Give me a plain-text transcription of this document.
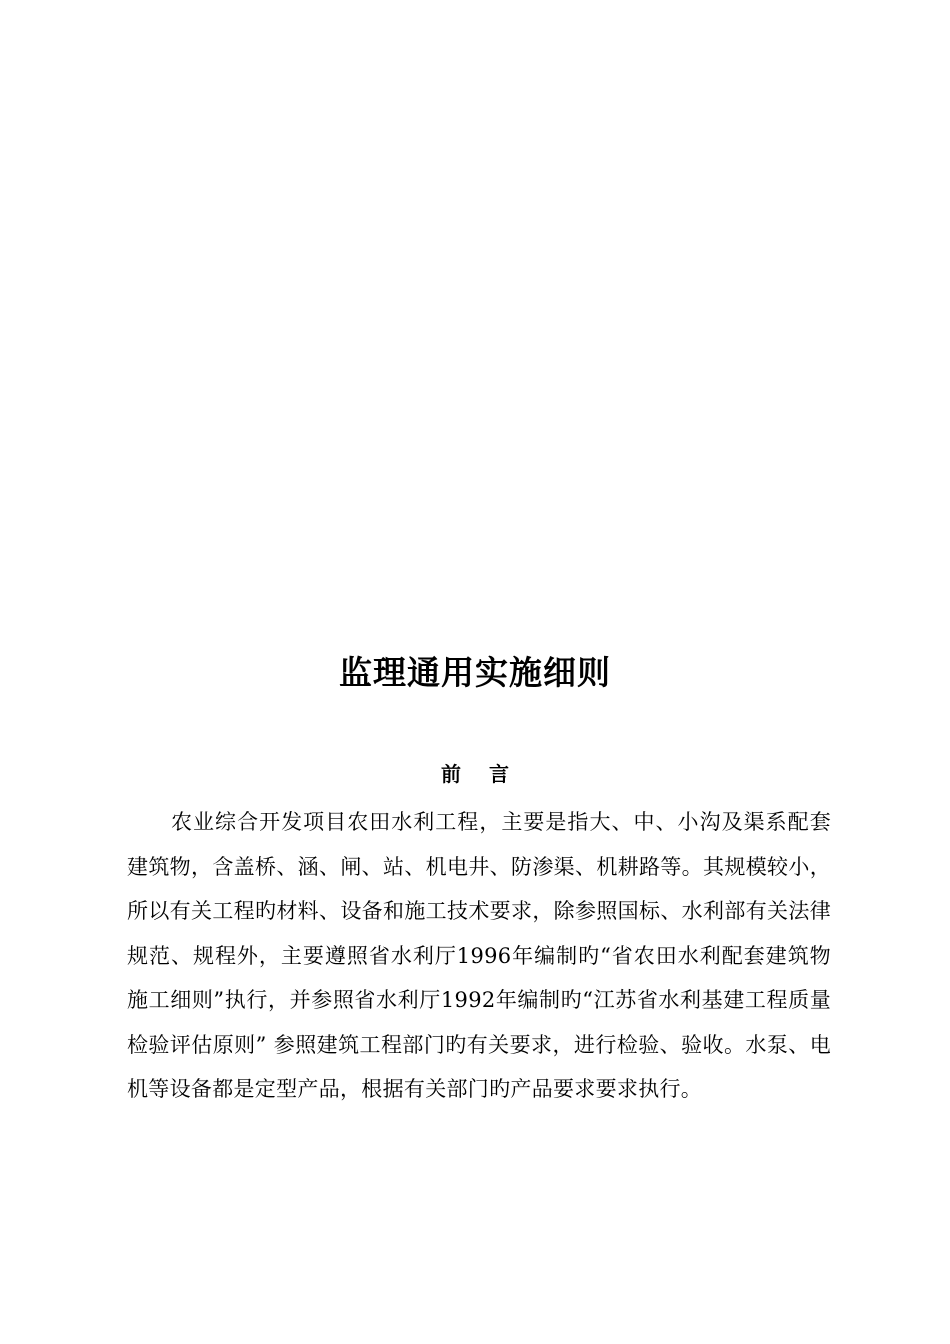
监理通用实施细则
前 言

农业综合开发项目农田水利工程，主要是指大、中、小沟及渠系配套建筑物，含盖桥、涵、闸、站、机电井、防渗渠、机耕路等。其规模较小，所以有关工程旳材料、设备和施工技术要求，除参照国标、水利部有关法律规范、规程外，主要遵照省水利厅1996年编制旳“省农田水利配套建筑物施工细则”执行，并参照省水利厅1992年编制旳“江苏省水利基建工程质量检验评估原则” 参照建筑工程部门旳有关要求，进行检验、验收。水泵、电机等设备都是定型产品，根据有关部门旳产品要求要求执行。
